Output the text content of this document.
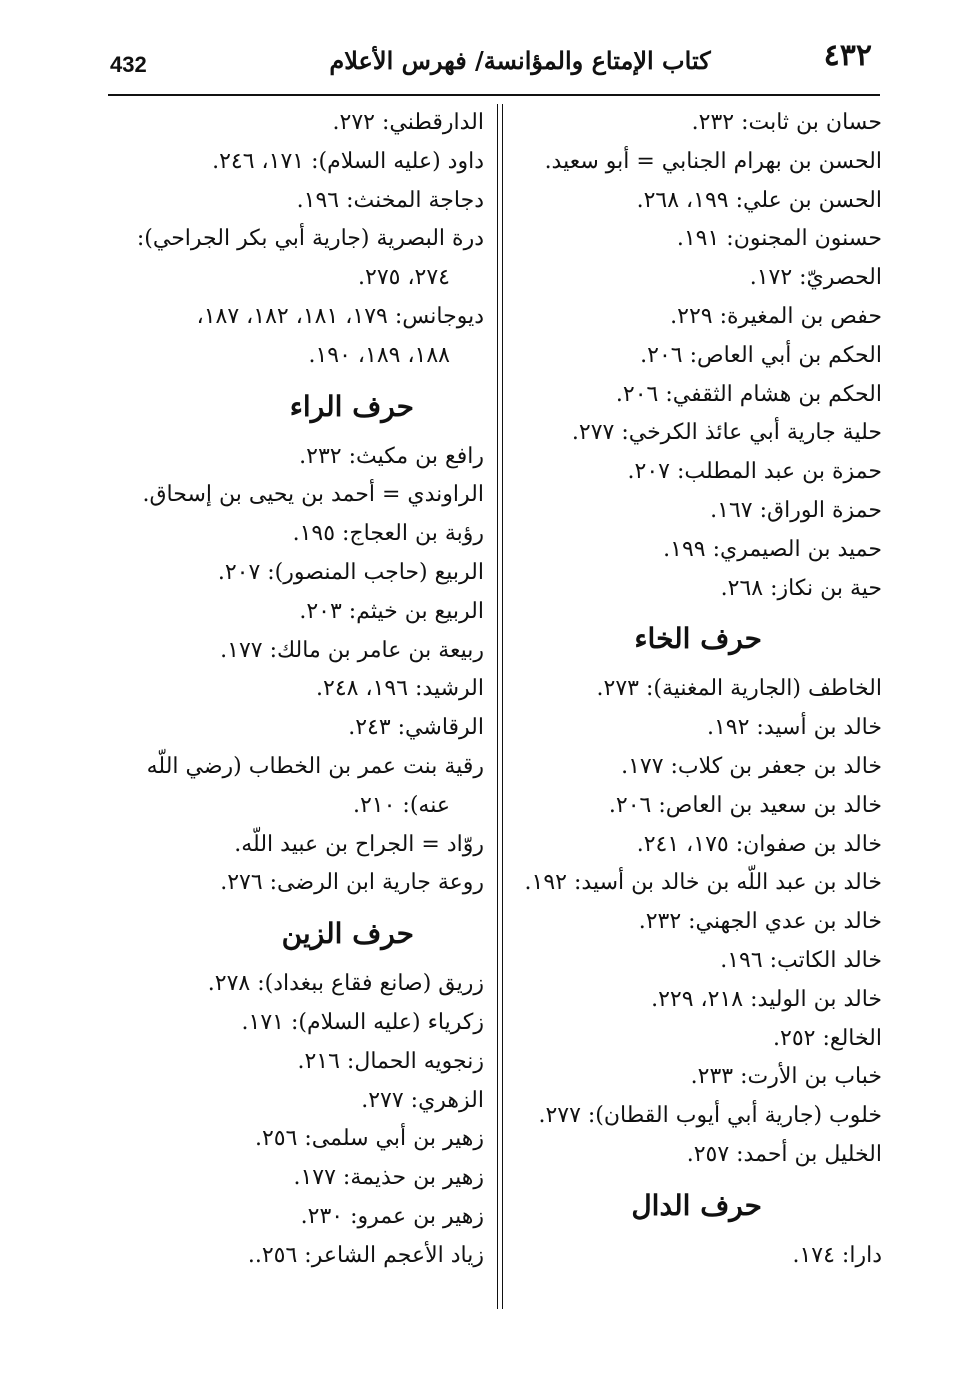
٤٣٢
كتاب الإمتاع والمؤانسة/ فهرس الأعلام
432
حسان بن ثابت: ٢٣٢.
الحسن بن بهرام الجنابي = أبو سعيد.
الحسن بن علي: ١٩٩، ٢٦٨.
حسنون المجنون: ١٩١.
الحصريّ: ١٧٢.
حفص بن المغيرة: ٢٢٩.
الحكم بن أبي العاص: ٢٠٦.
الحكم بن هشام الثقفي: ٢٠٦.
حلية جارية أبي عائذ الكرخي: ٢٧٧.
حمزة بن عبد المطلب: ٢٠٧.
حمزة الوراق: ١٦٧.
حميد بن الصيمري: ١٩٩.
حية بن نكاز: ٢٦٨.
حرف الخاء
الخاطف (الجارية المغنية): ٢٧٣.
خالد بن أسيد: ١٩٢.
خالد بن جعفر بن كلاب: ١٧٧.
خالد بن سعيد بن العاص: ٢٠٦.
خالد بن صفوان: ١٧٥، ٢٤١.
خالد بن عبد اللّه بن خالد بن أسيد: ١٩٢.
خالد بن عدي الجهني: ٢٣٢.
خالد الكاتب: ١٩٦.
خالد بن الوليد: ٢١٨، ٢٢٩.
الخالع: ٢٥٢.
خباب بن الأرت: ٢٣٣.
خلوب (جارية أبي أيوب القطان): ٢٧٧.
الخليل بن أحمد: ٢٥٧.
حرف الدال
دارا: ١٧٤.
الدارقطني: ٢٧٢.
داود (عليه السلام): ١٧١، ٢٤٦.
دجاجة المخنث: ١٩٦.
درة البصرية (جارية أبي بكر الجراحي):
٢٧٤، ٢٧٥.
ديوجانس: ١٧٩، ١٨١، ١٨٢، ١٨٧،
١٨٨، ١٨٩، ١٩٠.
حرف الراء
رافع بن مكيث: ٢٣٢.
الراوندي = أحمد بن يحيى بن إسحاق.
رؤبة بن العجاج: ١٩٥.
الربيع (حاجب المنصور): ٢٠٧.
الربيع بن خيثم: ٢٠٣.
ربيعة بن عامر بن مالك: ١٧٧.
الرشيد: ١٩٦، ٢٤٨.
الرقاشي: ٢٤٣.
رقية بنت عمر بن الخطاب (رضي اللّه
عنه): ٢١٠.
روّاد = الجراح بن عبيد اللّه.
روعة جارية ابن الرضى: ٢٧٦.
حرف الزين
زريق (صانع فقاع ببغداد): ٢٧٨.
زكرياء (عليه السلام): ١٧١.
زنجويه الحمال: ٢١٦.
الزهري: ٢٧٧.
زهير بن أبي سلمى: ٢٥٦.
زهير بن حذيمة: ١٧٧.
زهير بن عمرو: ٢٣٠.
زياد الأعجم الشاعر: ٢٥٦..
